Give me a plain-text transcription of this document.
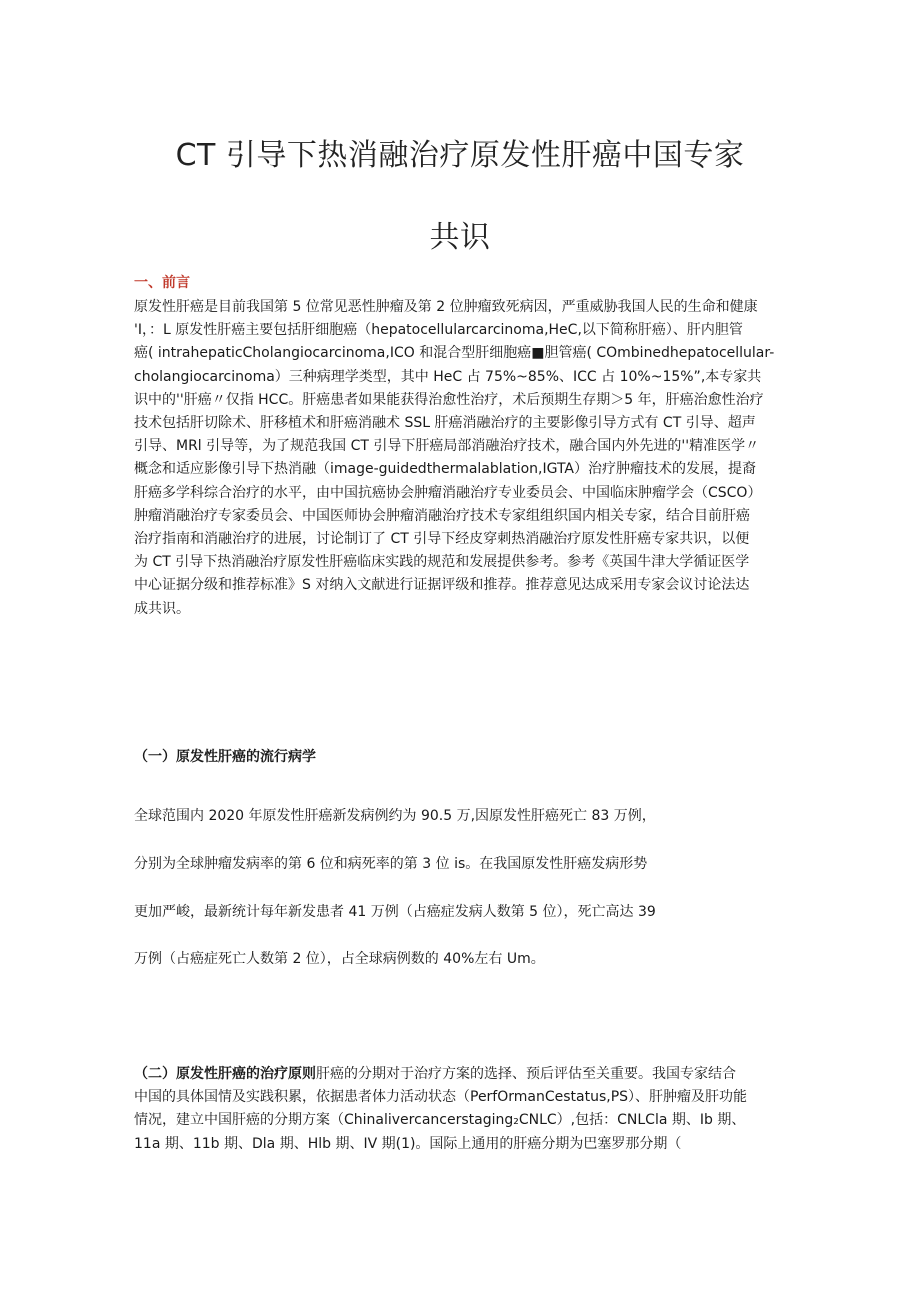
CT 引导下热消融治疗原发性肝癌中国专家
共识
一、前言
原发性肝癌是目前我国第 5 位常见恶性肿瘤及第 2 位肿瘤致死病因，严重威胁我国人民的生命和健康
'I，：L 原发性肝癌主要包括肝细胞癌（hepatocellularcarcinoma,HeC,以下简称肝癌）、肝内胆管
癌( intrahepaticCholangiocarcinoma,ICO 和混合型肝细胞癌■胆管癌( COmbinedhepatocellular-
cholangiocarcinoma）三种病理学类型，其中 HeC 占 75%~85%、ICC 占 10%~15%”,本专家共
识中的''肝癌〃仅指 HCC。肝癌患者如果能获得治愈性治疗，术后预期生存期＞5 年，肝癌治愈性治疗
技术包括肝切除术、肝移植术和肝癌消融术 SSL 肝癌消融治疗的主要影像引导方式有 CT 引导、超声
引导、MRl 引导等，为了规范我国 CT 引导下肝癌局部消融治疗技术，融合国内外先进的''精准医学〃
概念和适应影像引导下热消融（image-guidedthermalablation,IGTA）治疗肿瘤技术的发展，提裔
肝癌多学科综合治疗的水平，由中国抗癌协会肿瘤消融治疗专业委员会、中国临床肿瘤学会（CSCO）
肿瘤消融治疗专家委员会、中国医师协会肿瘤消融治疗技术专家组组织国内相关专家，结合目前肝癌
治疗指南和消融治疗的进展，讨论制订了 CT 引导下经皮穿刺热消融治疗原发性肝癌专家共识，以便
为 CT 引导下热消融治疗原发性肝癌临床实践的规范和发展提供参考。参考《英国牛津大学循证医学
中心证据分级和推荐标准》S 对纳入文献进行证据评级和推荐。推荐意见达成采用专家会议讨论法达
成共识。
（一）原发性肝癌的流行病学
全球范围内 2020 年原发性肝癌新发病例约为 90.5 万,因原发性肝癌死亡 83 万例，
分别为全球肿瘤发病率的第 6 位和病死率的第 3 位 is。在我国原发性肝癌发病形势
更加严峻，最新统计每年新发患者 41 万例（占癌症发病人数第 5 位），死亡高达 39
万例（占癌症死亡人数第 2 位），占全球病例数的 40%左右 Um。
（二）原发性肝癌的治疗原则肝癌的分期对于治疗方案的选择、预后评估至关重要。我国专家结合
中国的具体国情及实践积累，依据患者体力活动状态（PerfOrmanCestatus,PS）、肝肿瘤及肝功能
情况，建立中国肝癌的分期方案（Chinalivercancerstaging₂CNLC）,包括：CNLCla 期、Ib 期、
11a 期、11b 期、Dla 期、Hlb 期、IV 期(1)。国际上通用的肝癌分期为巴塞罗那分期（
